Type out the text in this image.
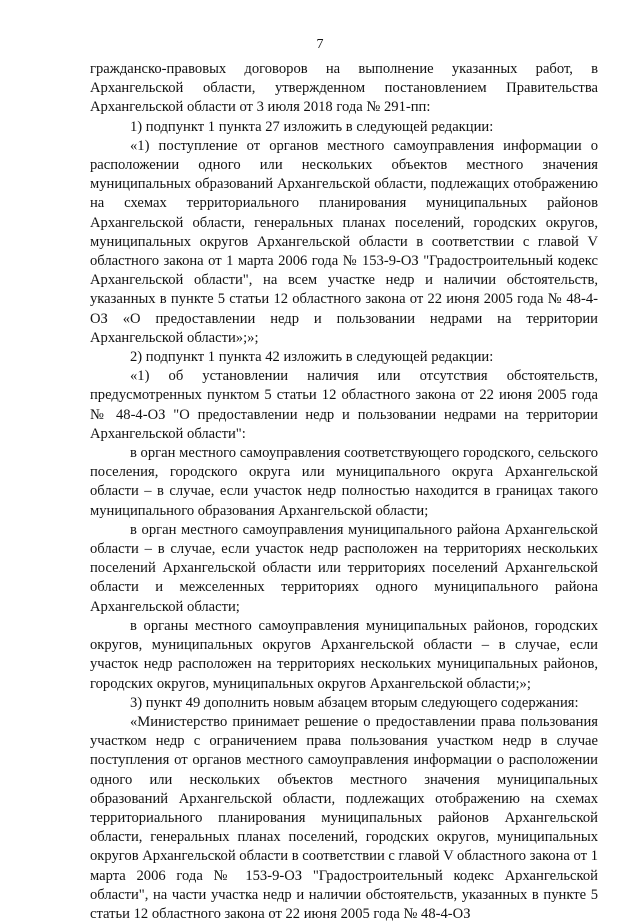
7

гражданско-правовых договоров на выполнение указанных работ, в Архангельской области, утвержденном постановлением Правительства Архангельской области от 3 июля 2018 года № 291-пп:

1) подпункт 1 пункта 27 изложить в следующей редакции:

«1) поступление от органов местного самоуправления информации о расположении одного или нескольких объектов местного значения муниципальных образований Архангельской области, подлежащих отображению на схемах территориального планирования муниципальных районов Архангельской области, генеральных планах поселений, городских округов, муниципальных округов Архангельской области в соответствии с главой V областного закона от 1 марта 2006 года № 153-9-ОЗ "Градостроительный кодекс Архангельской области", на всем участке недр и наличии обстоятельств, указанных в пункте 5 статьи 12 областного закона от 22 июня 2005 года № 48-4-ОЗ «О предоставлении недр и пользовании недрами на территории Архангельской области»;»;

2) подпункт 1 пункта 42 изложить в следующей редакции:

«1) об установлении наличия или отсутствия обстоятельств, предусмотренных пунктом 5 статьи 12 областного закона от 22 июня 2005 года № 48-4-ОЗ "О предоставлении недр и пользовании недрами на территории Архангельской области":

в орган местного самоуправления соответствующего городского, сельского поселения, городского округа или муниципального округа Архангельской области – в случае, если участок недр полностью находится в границах такого муниципального образования Архангельской области;

в орган местного самоуправления муниципального района Архангельской области – в случае, если участок недр расположен на территориях нескольких поселений Архангельской области или территориях поселений Архангельской области и межселенных территориях одного муниципального района Архангельской области;

в органы местного самоуправления муниципальных районов, городских округов, муниципальных округов Архангельской области – в случае, если участок недр расположен на территориях нескольких муниципальных районов, городских округов, муниципальных округов Архангельской области;»;

3) пункт 49 дополнить новым абзацем вторым следующего содержания:

«Министерство принимает решение о предоставлении права пользования участком недр с ограничением права пользования участком недр в случае поступления от органов местного самоуправления информации о расположении одного или нескольких объектов местного значения муниципальных образований Архангельской области, подлежащих отображению на схемах территориального планирования муниципальных районов Архангельской области, генеральных планах поселений, городских округов, муниципальных округов Архангельской области в соответствии с главой V областного закона от 1 марта 2006 года № 153-9-ОЗ "Градостроительный кодекс Архангельской области", на части участка недр и наличии обстоятельств, указанных в пункте 5 статьи 12 областного закона от 22 июня 2005 года № 48-4-ОЗ
